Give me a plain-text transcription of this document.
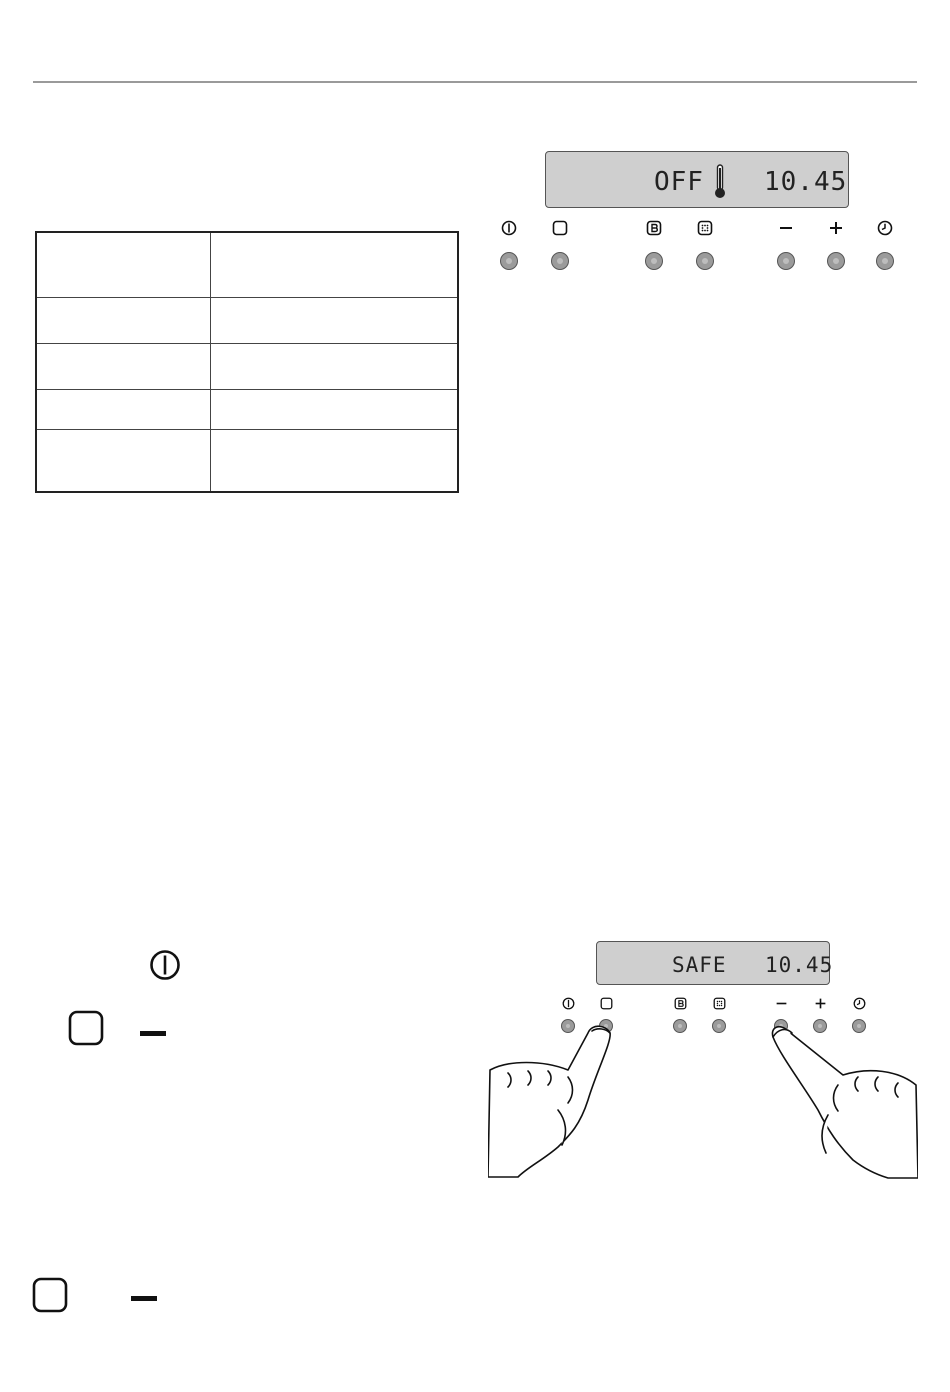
OFF 10.45
SAFE 10.45
